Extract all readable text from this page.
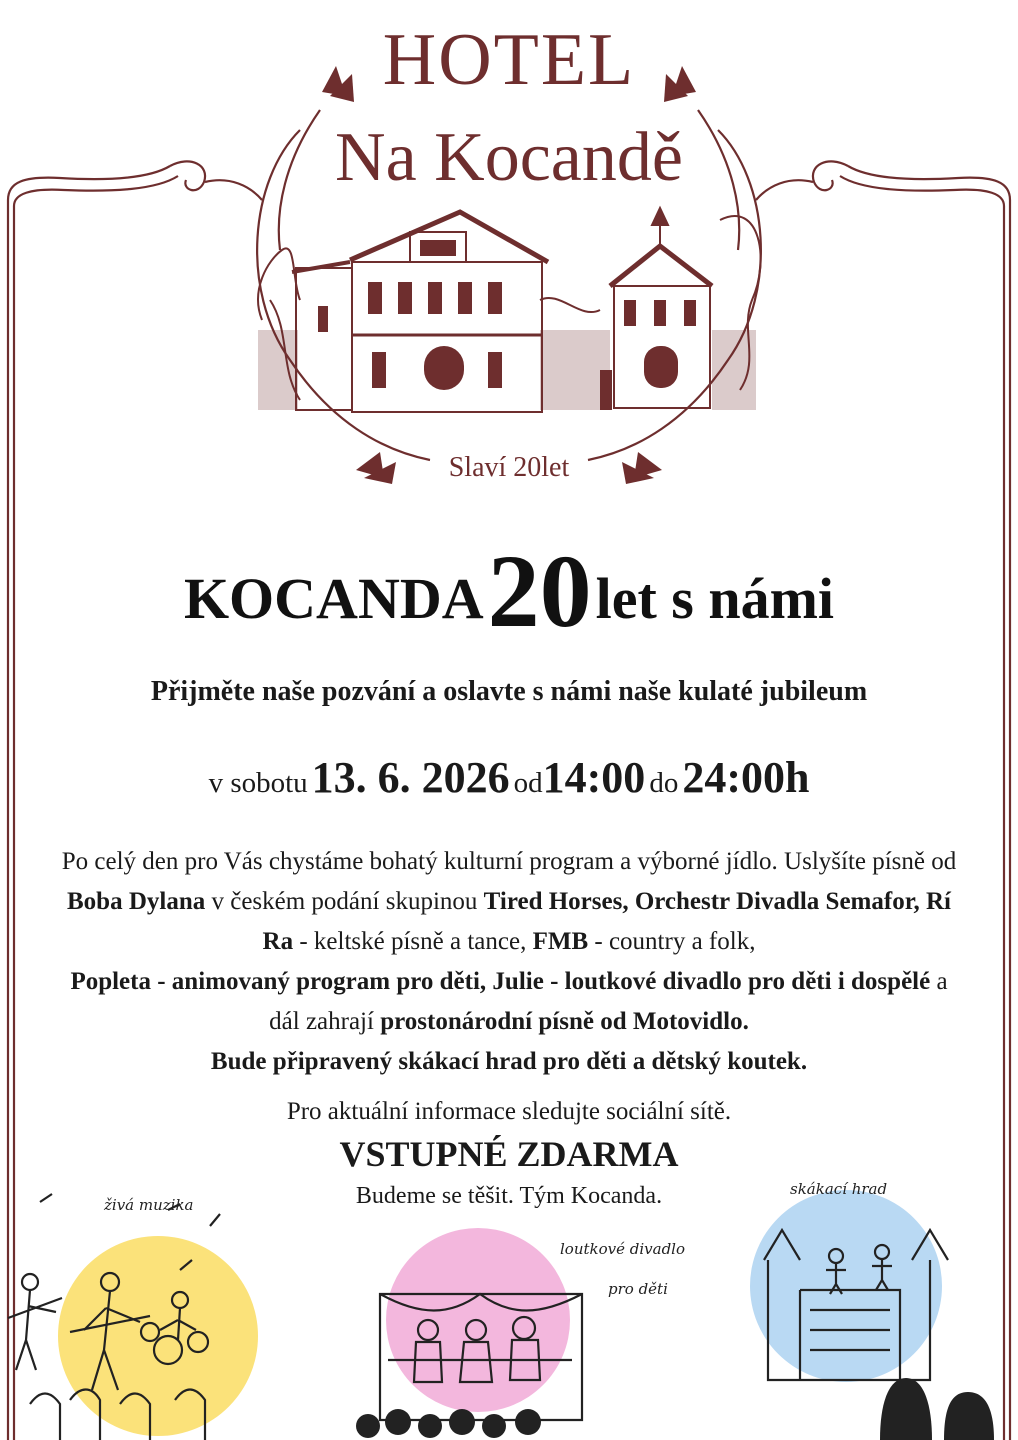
HOTEL
Na Kocandě
Slaví 20let
KOCANDA 20 let s námi
Přijměte naše pozvání a oslavte s námi naše kulaté jubileum
v sobotu 13. 6. 2026 od14:00 do 24:00h
Po celý den pro Vás chystáme bohatý kulturní program a výborné jídlo. Uslyšíte písně od Boba Dylana v českém podání skupinou Tired Horses, Orchestr Divadla Semafor, Rí Ra - keltské písně a tance, FMB - country a folk,
Popleta - animovaný program pro děti, Julie - loutkové divadlo pro děti i dospělé a dál zahrají prostonárodní písně od Motovidlo.
Bude připravený skákací hrad pro děti a dětský koutek.
Pro aktuální informace sledujte sociální sítě.
VSTUPNÉ ZDARMA
Budeme se těšit. Tým Kocanda.
živá muzika
loutkové divadlo
pro děti
skákací hrad
